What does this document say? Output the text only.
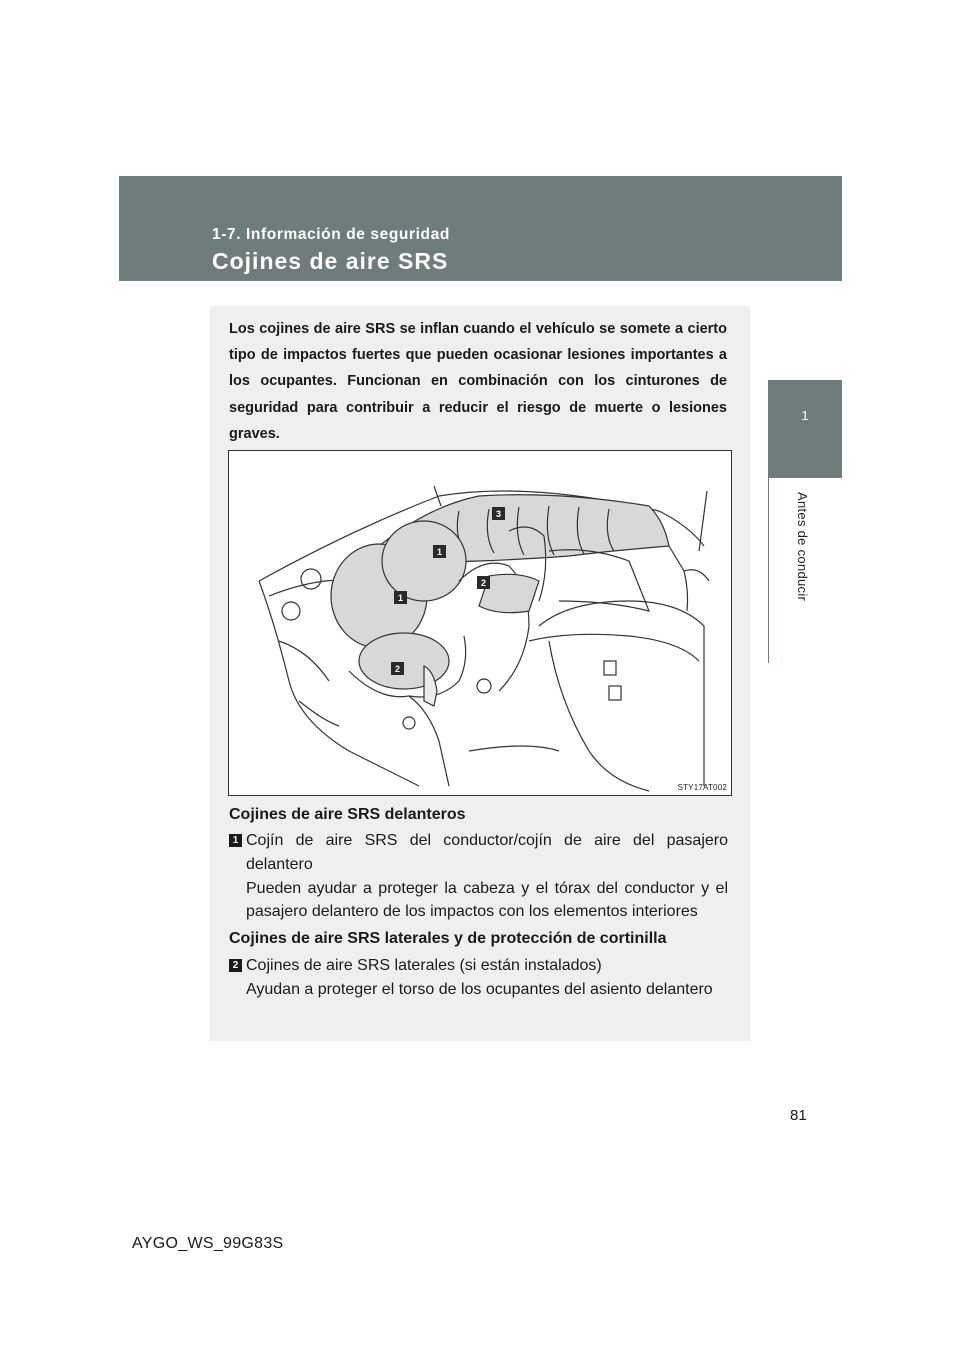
1-7. Información de seguridad
Cojines de aire SRS
1
Antes de conducir
Los cojines de aire SRS se inflan cuando el vehículo se somete a cierto tipo de impactos fuertes que pueden ocasionar lesiones importantes a los ocupantes. Funcionan en combinación con los cinturones de seguridad para contribuir a reducir el riesgo de muerte o lesiones graves.
3
1
2
1
2
STY17AT002
Cojines de aire SRS delanteros
1 Cojín de aire SRS del conductor/cojín de aire del pasajero delantero

Pueden ayudar a proteger la cabeza y el tórax del conductor y el pasajero delantero de los impactos con los elementos interiores

Cojines de aire SRS laterales y de protección de cortinilla
2 Cojines de aire SRS laterales (si están instalados)

Ayudan a proteger el torso de los ocupantes del asiento delantero

81
AYGO_WS_99G83S
